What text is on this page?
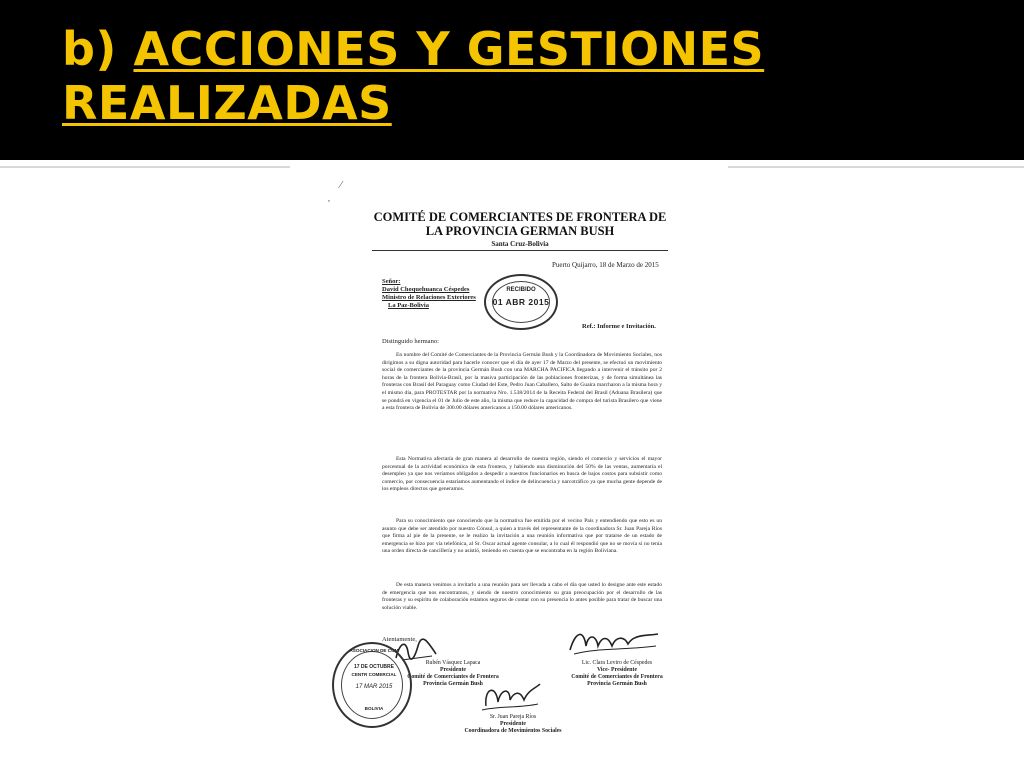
b) ACCIONES Y GESTIONES
REALIZADAS
⁄
,
COMITÉ DE COMERCIANTES DE FRONTERA DE
LA PROVINCIA GERMAN BUSH
Santa Cruz-Bolivia
Puerto Quijarro, 18 de Marzo de 2015
Señor:
David Choquehuanca Céspedes
Ministro de Relaciones Exteriores
La Paz-Bolivia
RECIBIDO
01 ABR 2015
Ref.: Informe e Invitación.
Distinguido hermano:

En nombre del Comité de Comerciantes de la Provincia Germán Bush y la Coordinadora de Movimiento Sociales, nos dirigimos a su digna autoridad para hacerle conocer que el día de ayer 17 de Marzo del presente, se efectuó un movimiento social de comerciantes de la provincia Germán Bush con una MARCHA PACIFICA llegando a intervenir el tránsito por 2 horas de la frontera Bolivia-Brasil, por la masiva participación de las poblaciones fronterizas, y de forma simultánea las fronteras con Brasil del Paraguay como Ciudad del Este, Pedro Juan Caballero, Salto de Guaira marcharon a la misma hora y el mismo día, para PROTESTAR por la normativa Nro. 1.538/2014 de la Receita Federal del Brasil (Aduana Brasilera) que se pondrá en vigencia el 01 de Julio de este año, la misma que reduce la capacidad de compra del turista Brasilero que viene a esta frontera de Bolivia de 300.00 dólares americanos a 150.00 dólares americanos.

Esta Normativa afectaría de gran manera al desarrollo de nuestra región, siendo el comercio y servicios el mayor porcentual de la actividad económica de esta frontera, y habiendo una disminución del 50% de las ventas, aumentaría el desempleo ya que nos veríamos obligados a despedir a nuestros funcionarios en busca de bajos costos para subsistir como comercio, por consecuencia estaríamos aumentando el índice de delincuencia y narcotráfico ya que mucha gente depende de los empleos directos que generamos.

Para su conocimiento que conociendo que la normativa fue emitida por el vecino País y entendiendo que esto es un asunto que debe ser atendido por nuestro Cónsul, a quien a través del representante de la coordinadora Sr. Juan Pareja Ríos que firma al pie de la presente, se le realizo la invitación a una reunión informativa que por tratarse de un estado de emergencia se hizo por vía telefónica, al Sr. Oscar actual agente consular, a lo cual él respondió que no se movía si no tenía una orden directa de cancillería y no asistió, teniendo en cuenta que se encontraba en la región Boliviana.

De esta manera venimos a invitarlo a una reunión para ser llevada a cabo el día que usted lo designe ante este estado de emergencia que nos encontramos, y siendo de nuestro conocimiento su gran preocupación por el desarrollo de las fronteras y su espíritu de colaboración estamos seguros de contar con su presencia lo antes posible para tratar de buscar una solución viable.

Atentamente,
Rubén Vásquez Lapaca
Presidente
Comité de Comerciantes de Frontera
Provincia Germán Bush
Lic. Clara Leviro de Céspedes
Vice- Presidente
Comité de Comerciantes de Frontera
Provincia Germán Bush
Sr. Juan Pareja Ríos
Presidente
Coordinadora de Movimientos Sociales
ASOCIACION DE COM
17 DE OCTUBRE
CENTR COMERCIAL
17 MAR 2015
BOLIVIA
